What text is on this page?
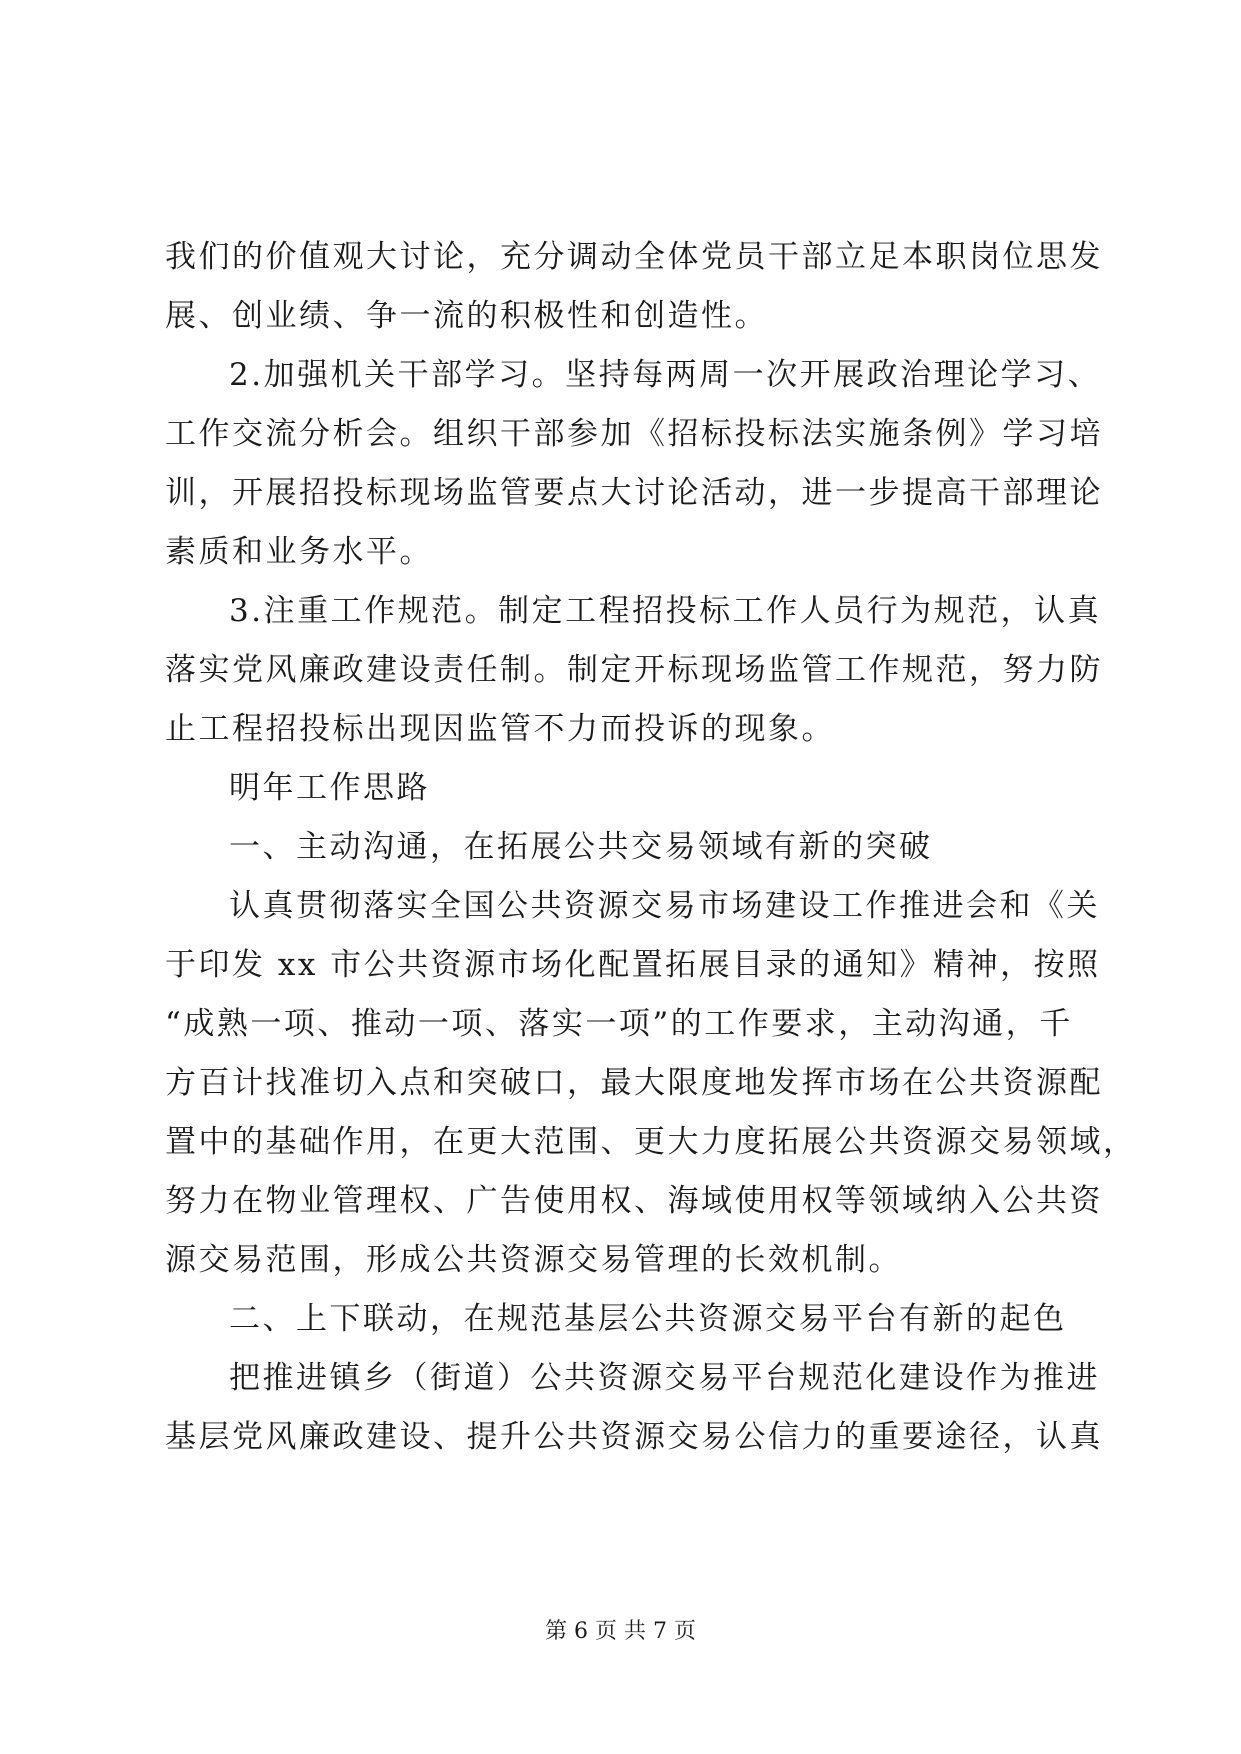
我们的价值观大讨论，充分调动全体党员干部立足本职岗位思发
展、创业绩、争一流的积极性和创造性。
2.加强机关干部学习。坚持每两周一次开展政治理论学习、
工作交流分析会。组织干部参加《招标投标法实施条例》学习培
训，开展招投标现场监管要点大讨论活动，进一步提高干部理论
素质和业务水平。
3.注重工作规范。制定工程招投标工作人员行为规范，认真
落实党风廉政建设责任制。制定开标现场监管工作规范，努力防
止工程招投标出现因监管不力而投诉的现象。
明年工作思路
一、主动沟通，在拓展公共交易领域有新的突破
认真贯彻落实全国公共资源交易市场建设工作推进会和《关
于印发 xx 市公共资源市场化配置拓展目录的通知》精神，按照
“成熟一项、推动一项、落实一项”的工作要求，主动沟通，千
方百计找准切入点和突破口，最大限度地发挥市场在公共资源配
置中的基础作用，在更大范围、更大力度拓展公共资源交易领域，
努力在物业管理权、广告使用权、海域使用权等领域纳入公共资
源交易范围，形成公共资源交易管理的长效机制。
二、上下联动，在规范基层公共资源交易平台有新的起色
把推进镇乡（街道）公共资源交易平台规范化建设作为推进
基层党风廉政建设、提升公共资源交易公信力的重要途径，认真
第 6 页 共 7 页
